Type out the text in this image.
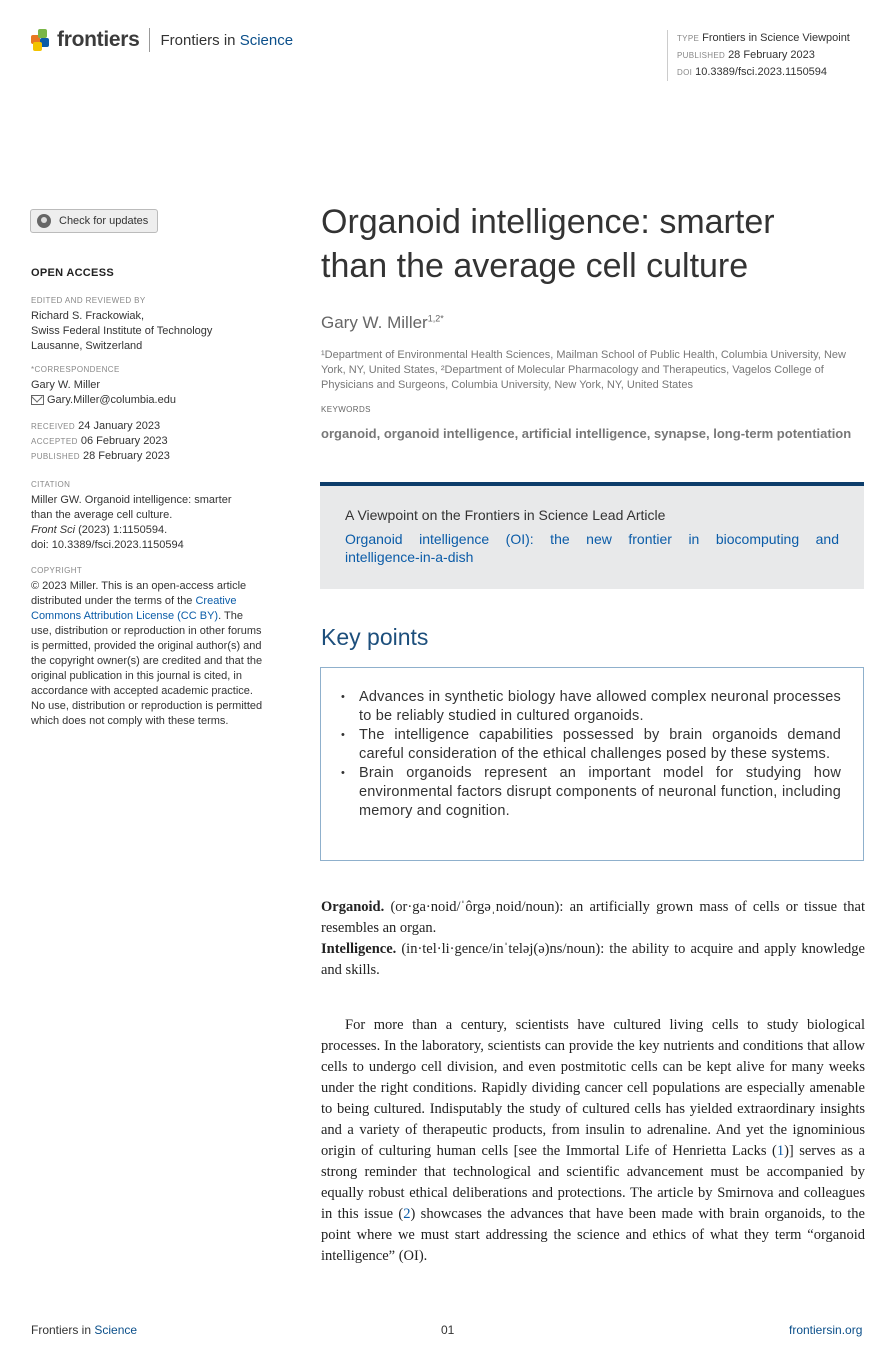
frontiers Frontiers in Science	TYPE Frontiers in Science Viewpoint
PUBLISHED 28 February 2023
DOI 10.3389/fsci.2023.1150594
Check for updates
OPEN ACCESS
EDITED AND REVIEWED BY
Richard S. Frackowiak,
Swiss Federal Institute of Technology
Lausanne, Switzerland
*CORRESPONDENCE
Gary W. Miller
Gary.Miller@columbia.edu
RECEIVED 24 January 2023
ACCEPTED 06 February 2023
PUBLISHED 28 February 2023
CITATION
Miller GW. Organoid intelligence: smarter
than the average cell culture.
Front Sci (2023) 1:1150594.
doi: 10.3389/fsci.2023.1150594
COPYRIGHT
© 2023 Miller. This is an open-access article distributed under the terms of the Creative Commons Attribution License (CC BY). The use, distribution or reproduction in other forums is permitted, provided the original author(s) and the copyright owner(s) are credited and that the original publication in this journal is cited, in accordance with accepted academic practice. No use, distribution or reproduction is permitted which does not comply with these terms.
Organoid intelligence: smarter than the average cell culture
Gary W. Miller$^{1,2*}$
¹Department of Environmental Health Sciences, Mailman School of Public Health, Columbia University, New York, NY, United States, ²Department of Molecular Pharmacology and Therapeutics, Vagelos College of Physicians and Surgeons, Columbia University, New York, NY, United States
KEYWORDS
organoid, organoid intelligence, artificial intelligence, synapse, long-term potentiation
A Viewpoint on the Frontiers in Science Lead Article
Organoid intelligence (OI): the new frontier in biocomputing and intelligence-in-a-dish
Key points
• Advances in synthetic biology have allowed complex neuronal processes to be reliably studied in cultured organoids.
• The intelligence capabilities possessed by brain organoids demand careful consideration of the ethical challenges posed by these systems.
• Brain organoids represent an important model for studying how environmental factors disrupt components of neuronal function, including memory and cognition.
Organoid. (or·ga·noid/ˈôrgəˌnoid/noun): an artificially grown mass of cells or tissue that resembles an organ.
Intelligence. (in·tel·li·gence/inˈteləj(ə)ns/noun): the ability to acquire and apply knowledge and skills.
For more than a century, scientists have cultured living cells to study biological processes. In the laboratory, scientists can provide the key nutrients and conditions that allow cells to undergo cell division, and even postmitotic cells can be kept alive for many weeks under the right conditions. Rapidly dividing cancer cell populations are especially amenable to being cultured. Indisputably the study of cultured cells has yielded extraordinary insights and a variety of therapeutic products, from insulin to adrenaline. And yet the ignominious origin of culturing human cells [see the Immortal Life of Henrietta Lacks (1)] serves as a strong reminder that technological and scientific advancement must be accompanied by equally robust ethical deliberations and protections. The article by Smirnova and colleagues in this issue (2) showcases the advances that have been made with brain organoids, to the point where we must start addressing the science and ethics of what they term “organoid intelligence” (OI).
Frontiers in Science	01	frontiersin.org
